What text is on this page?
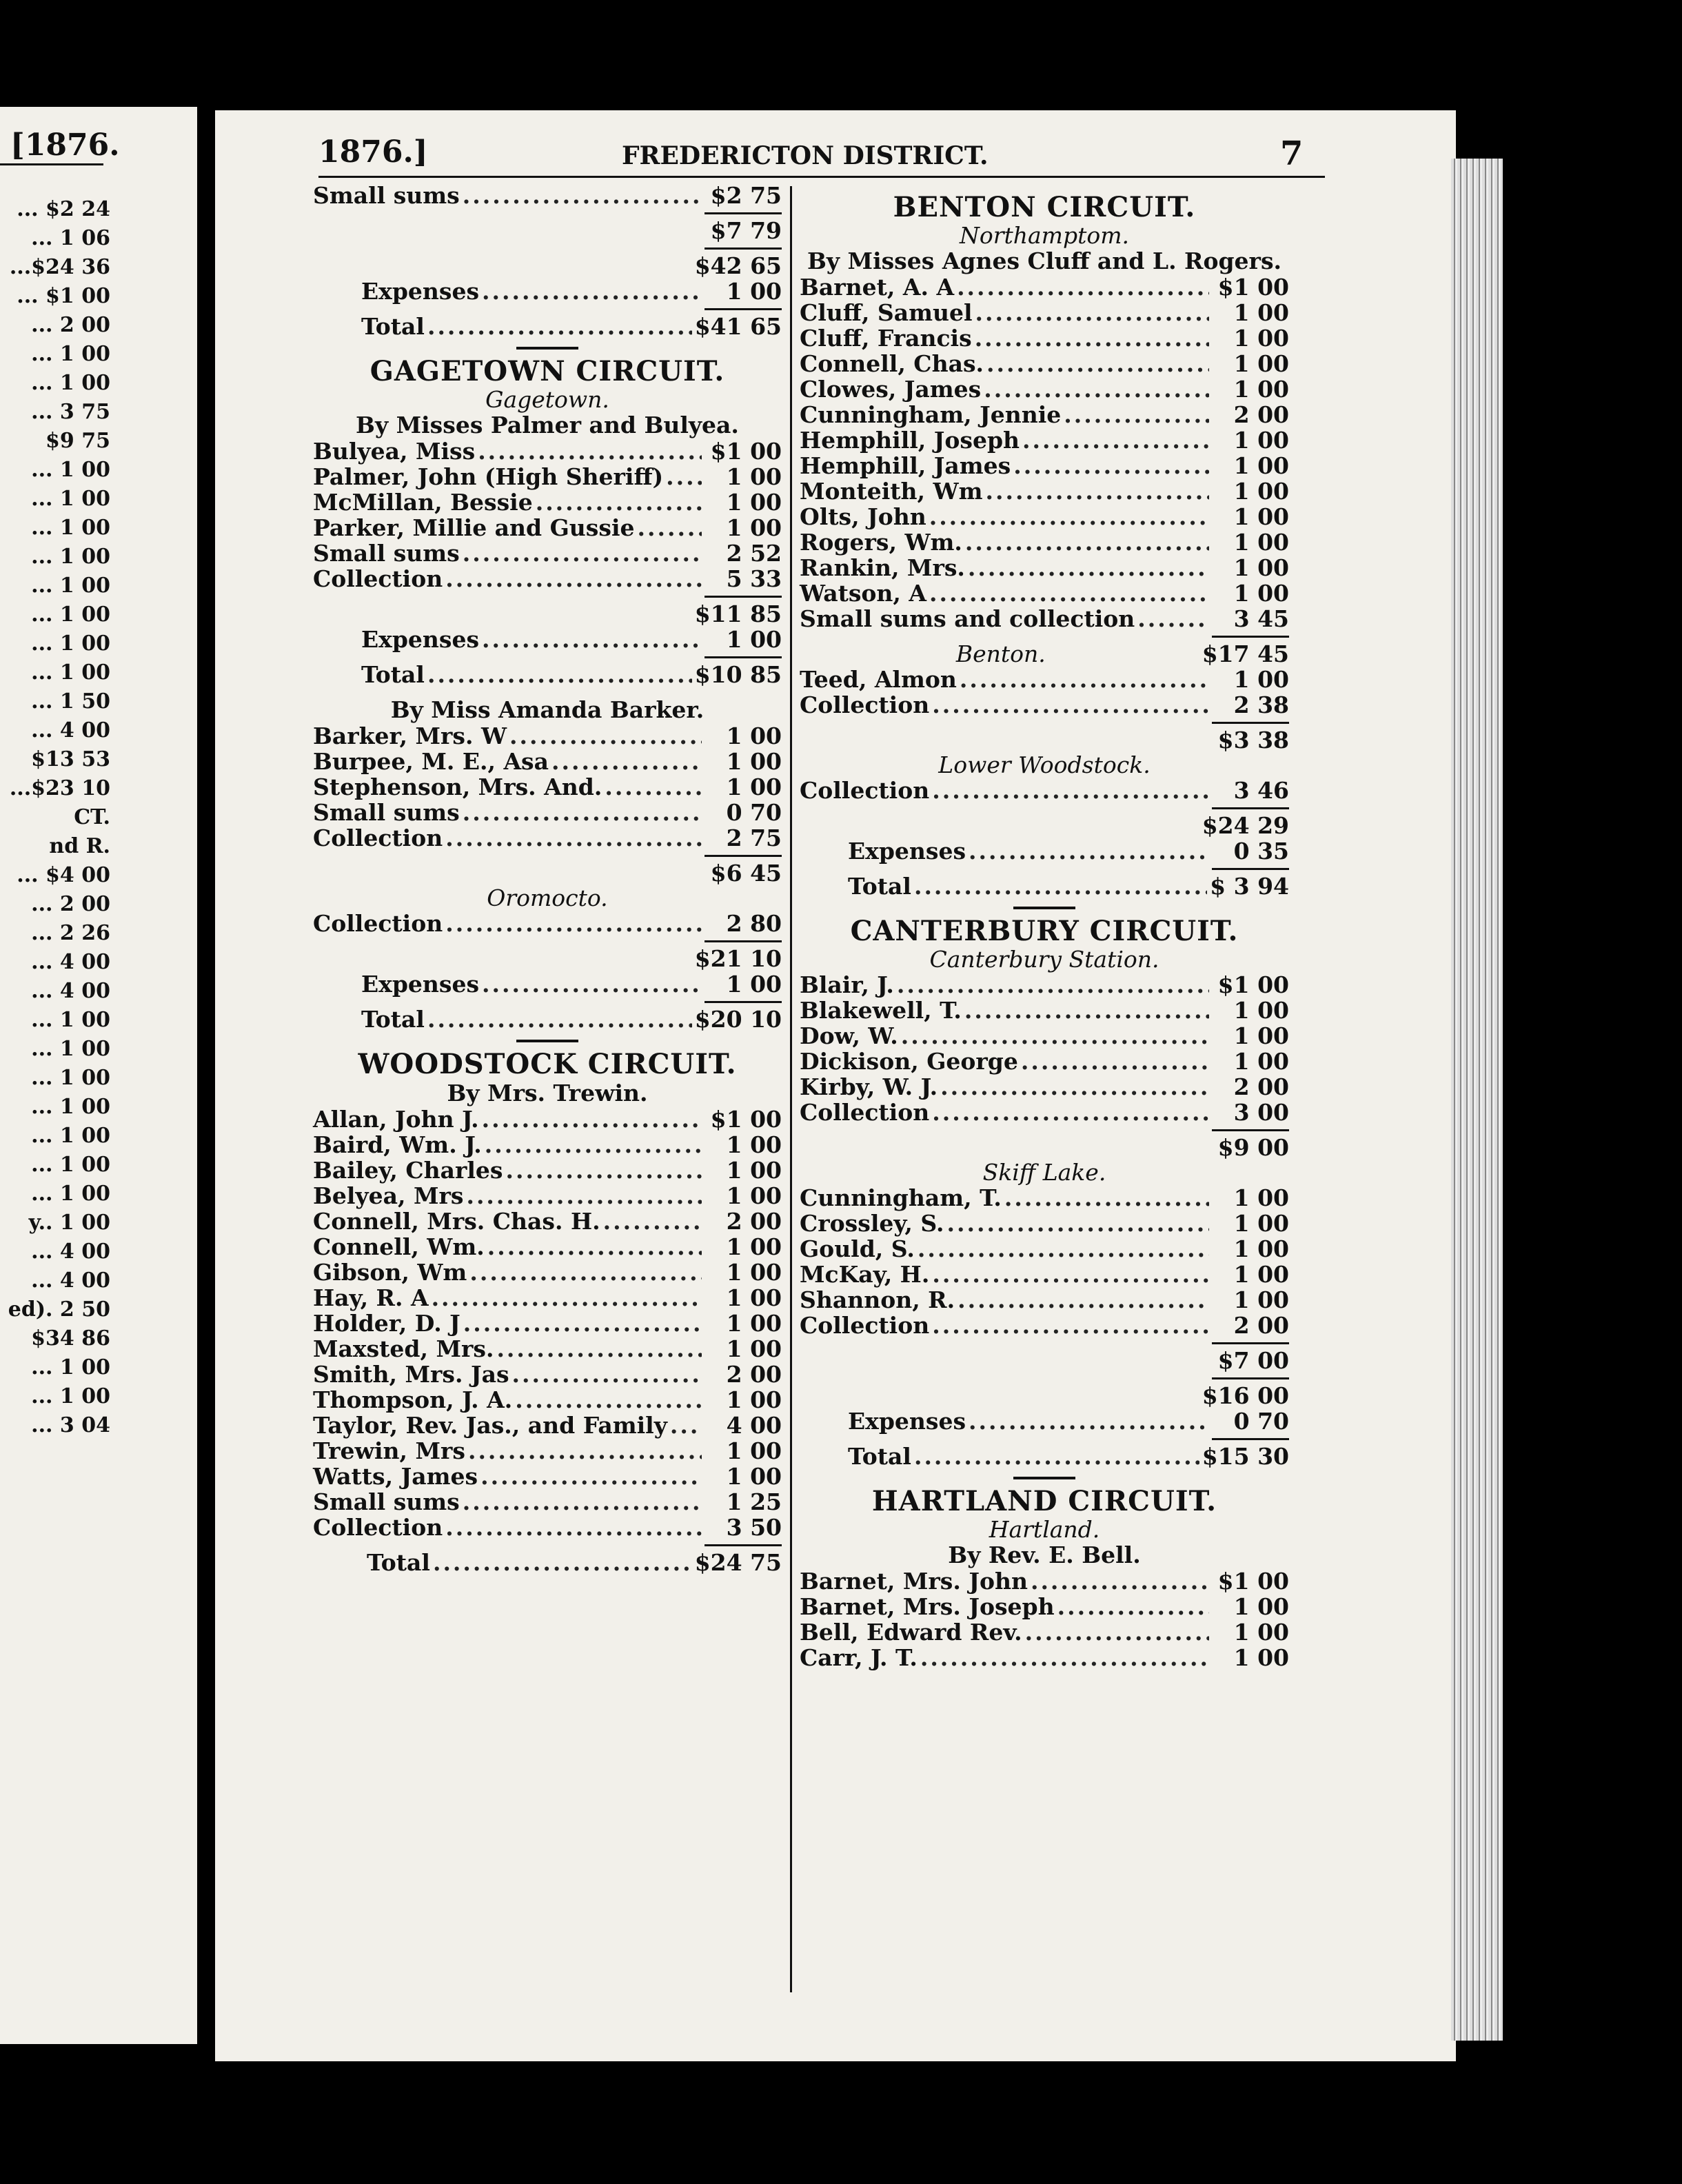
[1876.
... $2 24
... 1 06
...$24 36
... $1 00
... 2 00
... 1 00
... 1 00
... 3 75
$9 75
... 1 00
... 1 00
... 1 00
... 1 00
... 1 00
... 1 00
... 1 00
... 1 00
... 1 50
... 4 00
$13 53
...$23 10
CT.
nd R.
... $4 00
... 2 00
... 2 26
... 4 00
... 4 00
... 1 00
... 1 00
... 1 00
... 1 00
... 1 00
... 1 00
... 1 00
y.. 1 00
... 4 00
... 4 00
ed). 2 50
$34 86
... 1 00
... 1 00
... 3 04
1876.]	FREDERICTON DISTRICT.	7
Small sums .....	$2 75
$7 79
$42 65
Expenses .....	1 00
Total .....	$41 65
GAGETOWN CIRCUIT.
Gagetown.
By Misses Palmer and Bulyea.
Bulyea, Miss .....	$1 00
Palmer, John (High Sheriff) .....	1 00
McMillan, Bessie .....	1 00
Parker, Millie and Gussie .....	1 00
Small sums .....	2 52
Collection .....	5 33
$11 85
Expenses .....	1 00
Total .....	$10 85
By Miss Amanda Barker.
Barker, Mrs. W .....	1 00
Burpee, M. E., Asa .....	1 00
Stephenson, Mrs. And. .....	1 00
Small sums .....	0 70
Collection .....	2 75
$6 45
Oromocto.
Collection .....	2 80
$21 10
Expenses .....	1 00
Total .....	$20 10
WOODSTOCK CIRCUIT.
By Mrs. Trewin.
Allan, John J. .....	$1 00
Baird, Wm. J. .....	1 00
Bailey, Charles .....	1 00
Belyea, Mrs .....	1 00
Connell, Mrs. Chas. H. .....	2 00
Connell, Wm. .....	1 00
Gibson, Wm .....	1 00
Hay, R. A .....	1 00
Holder, D. J .....	1 00
Maxsted, Mrs. .....	1 00
Smith, Mrs. Jas .....	2 00
Thompson, J. A. .....	1 00
Taylor, Rev. Jas., and Family .....	4 00
Trewin, Mrs .....	1 00
Watts, James .....	1 00
Small sums .....	1 25
Collection .....	3 50
Total .....	$24 75
BENTON CIRCUIT.
Northamptom.
By Misses Agnes Cluff and L. Rogers.
Barnet, A. A .....	$1 00
Cluff, Samuel .....	1 00
Cluff, Francis .....	1 00
Connell, Chas. .....	1 00
Clowes, James .....	1 00
Cunningham, Jennie .....	2 00
Hemphill, Joseph .....	1 00
Hemphill, James .....	1 00
Monteith, Wm .....	1 00
Olts, John .....	1 00
Rogers, Wm. .....	1 00
Rankin, Mrs. .....	1 00
Watson, A .....	1 00
Small sums and collection .....	3 45
Benton.	$17 45
Teed, Almon .....	1 00
Collection .....	2 38
$3 38
Lower Woodstock.
Collection .....	3 46
$24 29
Expenses .....	0 35
Total .....	$ 3 94
CANTERBURY CIRCUIT.
Canterbury Station.
Blair, J. .....	$1 00
Blakewell, T. .....	1 00
Dow, W. .....	1 00
Dickison, George .....	1 00
Kirby, W. J. .....	2 00
Collection .....	3 00
$9 00
Skiff Lake.
Cunningham, T. .....	1 00
Crossley, S. .....	1 00
Gould, S. .....	1 00
McKay, H. .....	1 00
Shannon, R. .....	1 00
Collection .....	2 00
$7 00
$16 00
Expenses .....	0 70
Total .....	$15 30
HARTLAND CIRCUIT.
Hartland.
By Rev. E. Bell.
Barnet, Mrs. John .....	$1 00
Barnet, Mrs. Joseph .....	1 00
Bell, Edward Rev. .....	1 00
Carr, J. T. .....	1 00
